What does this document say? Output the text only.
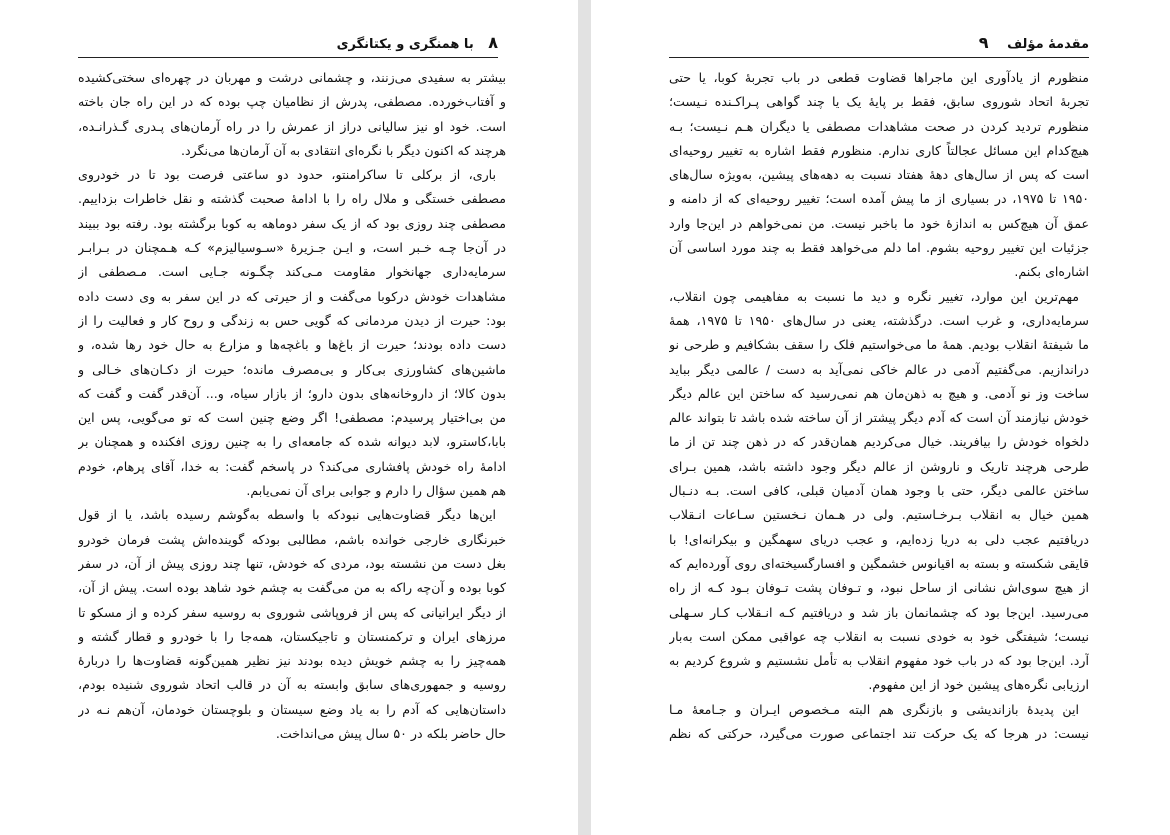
۸ با همنگری و یکتانگری
بیشتر به سفیدی می‌زنند، و چشمانی درشت و مهربان در چهره‌ای سختی‌کشیده
و آفتاب‌خورده. مصطفی، پدرش از نظامیان چپ بوده که در این راه جان باخته
است. خود او نیز سالیانی دراز از عمرش را در راه آرمان‌های پـدری گـذرانـده،
هرچند که اکنون دیگر با نگره‌ای انتقادی به آن آرمان‌ها می‌نگرد.
باری، از برکلی تا ساکرامنتو، حدود دو ساعتی فرصت بود تا در خودروی
مصطفی خستگی و ملال راه را با ادامهٔ صحبت گذشته و نقل خاطرات بزداییم.
مصطفی چند روزی بود که از یک سفر دوماهه به کوبا برگشته بود. رفته بود ببیند
در آن‌جا چـه خـبر است، و ایـن جـزیرهٔ «سـوسیالیزم» کـه هـمچنان در بـرابـر
سرمایه‌داری جهانخوار مقاومت مـی‌کند چگـونه جـایی است. مـصطفی از
مشاهدات خودش درکوبا می‌گفت و از حیرتی که در این سفر به وی دست داده
بود: حیرت از دیدن مردمانی که گویی حس به زندگی و روح کار و فعالیت را از
دست داده بودند؛ حیرت از باغ‌ها و باغچه‌ها و مزارع به حال خود رها شده، و
ماشین‌های کشاورزی بی‌کار و بی‌مصرف مانده؛ حیرت از دکـان‌های خـالی و
بدون کالا؛ از داروخانه‌های بدون دارو؛ از بازار سیاه، و... آن‌قدر گفت و گفت که
من بی‌اختیار پرسیدم: مصطفی! اگر وضع چنین است که تو می‌گویی، پس این
بابا،کاسترو، لابد دیوانه شده که جامعه‌ای را به چنین روزی افکنده و همچنان بر
ادامهٔ راه خودش پافشاری می‌کند؟ در پاسخم گفت: به خدا، آقای پرهام، خودم
هم همین سؤال را دارم و جوابی برای آن نمی‌یابم.
این‌ها دیگر قضاوت‌هایی نبودکه با واسطه به‌گوشم رسیده باشد، یا از قول
خبرنگاری خارجی خوانده باشم، مطالبی بودکه گوینده‌اش پشت فرمان خودرو
بغل دست من نشسته بود، مردی که خودش، تنها چند روزی پیش از آن، در سفر
کوبا بوده و آن‌چه راکه به من می‌گفت به چشم خود شاهد بوده است. پیش از آن،
از دیگر ایرانیانی که پس از فروپاشی شوروی به روسیه سفر کرده و از مسکو تا
مرزهای ایران و ترکمنستان و تاجیکستان، همه‌جا را با خودرو و قطار گشته و
همه‌چیز را به چشم خویش دیده بودند نیز نظیر همین‌گونه قضاوت‌ها را دربارهٔ
روسیه و جمهوری‌های سابق وابسته به آن در قالب اتحاد شوروی شنیده بودم،
داستان‌هایی که آدم را به یاد وضع سیستان و بلوچستان خودمان، آن‌هم نـه در
حال حاضر بلکه در ۵۰ سال پیش می‌انداخت.
مقدمهٔ مؤلف ۹
منظورم از یادآوری این ماجراها قضاوت قطعی در باب تجربهٔ کوبا، یا حتی
تجربهٔ اتحاد شوروی سابق، فقط بر پایهٔ یک یا چند گواهی پـراکـنده نـیست؛
منظورم تردید کردن در صحت مشاهدات مصطفی یا دیگران هـم نـیست؛ بـه
هیچ‌کدام این مسائل عجالتاً کاری ندارم. منظورم فقط اشاره به تغییر روحیه‌ای
است که پس از سال‌های دههٔ هفتاد نسبت به دهه‌های پیشین، به‌ویژه سال‌های
۱۹۵۰ تا ۱۹۷۵، در بسیاری از ما پیش آمده است؛ تغییر روحیه‌ای که از دامنه و
عمق آن هیچ‌کس به اندازهٔ خود ما باخبر نیست. من نمی‌خواهم در این‌جا وارد
جزئیات این تغییر روحیه بشوم. اما دلم می‌خواهد فقط به چند مورد اساسی آن
اشاره‌ای بکنم.
مهم‌ترین این موارد، تغییر نگره و دید ما نسبت به مفاهیمی چون انقلاب،
سرمایه‌داری، و غرب است. درگذشته، یعنی در سال‌های ۱۹۵۰ تا ۱۹۷۵، همهٔ
ما شیفتهٔ انقلاب بودیم. همهٔ ما می‌خواستیم فلک را سقف بشکافیم و طرحی نو
دراندازیم. می‌گفتیم آدمی در عالم خاکی نمی‌آید به دست / عالمی دیگر بباید
ساخت وز نو آدمی. و هیچ به ذهن‌مان هم نمی‌رسید که ساختن این عالم دیگر
خودش نیازمند آن است که آدم دیگر پیشتر از آن ساخته شده باشد تا بتواند عالم
دلخواه خودش را بیافریند. خیال می‌کردیم همان‌قدر که در ذهن چند تن از ما
طرحی هرچند تاریک و ناروشن از عالم دیگر وجود داشته باشد، همین بـرای
ساختن عالمی دیگر، حتی با وجود همان آدمیان قبلی، کافی است. بـه دنـبال
همین خیال به انقلاب بـرخـاستیم. ولی در هـمان نـخستین سـاعات انـقلاب
دریافتیم عجب دلی به دریا زده‌ایم، و عجب دریای سهمگین و بیکرانه‌ای! با
قایقی شکسته و بسته به اقیانوس خشمگین و افسارگسیخته‌ای روی آورده‌ایم که
از هیچ سوی‌اش نشانی از ساحل نبود، و تـوفان پشت تـوفان بـود کـه از راه
می‌رسید. این‌جا بود که چشمانمان باز شد و دریافتیم کـه انـقلاب کـار سـهلی
نیست؛ شیفتگی خود به خودی نسبت به انقلاب چه عواقبی ممکن است به‌بار
آرد. این‌جا بود که در باب خود مفهوم انقلاب به تأمل نشستیم و شروع کردیم به
ارزیابی نگره‌های پیشین خود از این مفهوم.
این پدیدهٔ بازاندیشی و بازنگری هم البته مـخصوص ایـران و جـامعهٔ مـا
نیست: در هرجا که یک حرکت تند اجتماعی صورت می‌گیرد، حرکتی که نظم
